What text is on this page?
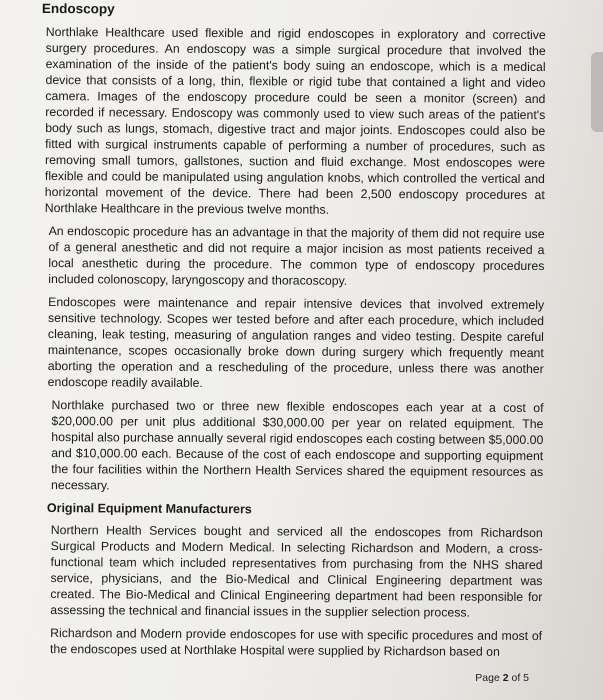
Endoscopy

Northlake Healthcare used flexible and rigid endoscopes in exploratory and corrective surgery procedures. An endoscopy was a simple surgical procedure that involved the examination of the inside of the patient's body suing an endoscope, which is a medical device that consists of a long, thin, flexible or rigid tube that contained a light and video camera. Images of the endoscopy procedure could be seen a monitor (screen) and recorded if necessary. Endoscopy was commonly used to view such areas of the patient's body such as lungs, stomach, digestive tract and major joints. Endoscopes could also be fitted with surgical instruments capable of performing a number of procedures, such as removing small tumors, gallstones, suction and fluid exchange. Most endoscopes were flexible and could be manipulated using angulation knobs, which controlled the vertical and horizontal movement of the device. There had been 2,500 endoscopy procedures at Northlake Healthcare in the previous twelve months.

An endoscopic procedure has an advantage in that the majority of them did not require use of a general anesthetic and did not require a major incision as most patients received a local anesthetic during the procedure. The common type of endoscopy procedures included colonoscopy, laryngoscopy and thoracoscopy.

Endoscopes were maintenance and repair intensive devices that involved extremely sensitive technology. Scopes wer tested before and after each procedure, which included cleaning, leak testing, measuring of angulation ranges and video testing. Despite careful maintenance, scopes occasionally broke down during surgery which frequently meant aborting the operation and a rescheduling of the procedure, unless there was another endoscope readily available.

Northlake purchased two or three new flexible endoscopes each year at a cost of $20,000.00 per unit plus additional $30,000.00 per year on related equipment. The hospital also purchase annually several rigid endoscopes each costing between $5,000.00 and $10,000.00 each. Because of the cost of each endoscope and supporting equipment the four facilities within the Northern Health Services shared the equipment resources as necessary.

Original Equipment Manufacturers

Northern Health Services bought and serviced all the endoscopes from Richardson Surgical Products and Modern Medical. In selecting Richardson and Modern, a cross-functional team which included representatives from purchasing from the NHS shared service, physicians, and the Bio-Medical and Clinical Engineering department was created. The Bio-Medical and Clinical Engineering department had been responsible for assessing the technical and financial issues in the supplier selection process.

Richardson and Modern provide endoscopes for use with specific procedures and most of the endoscopes used at Northlake Hospital were supplied by Richardson based on

Page 2 of 5
